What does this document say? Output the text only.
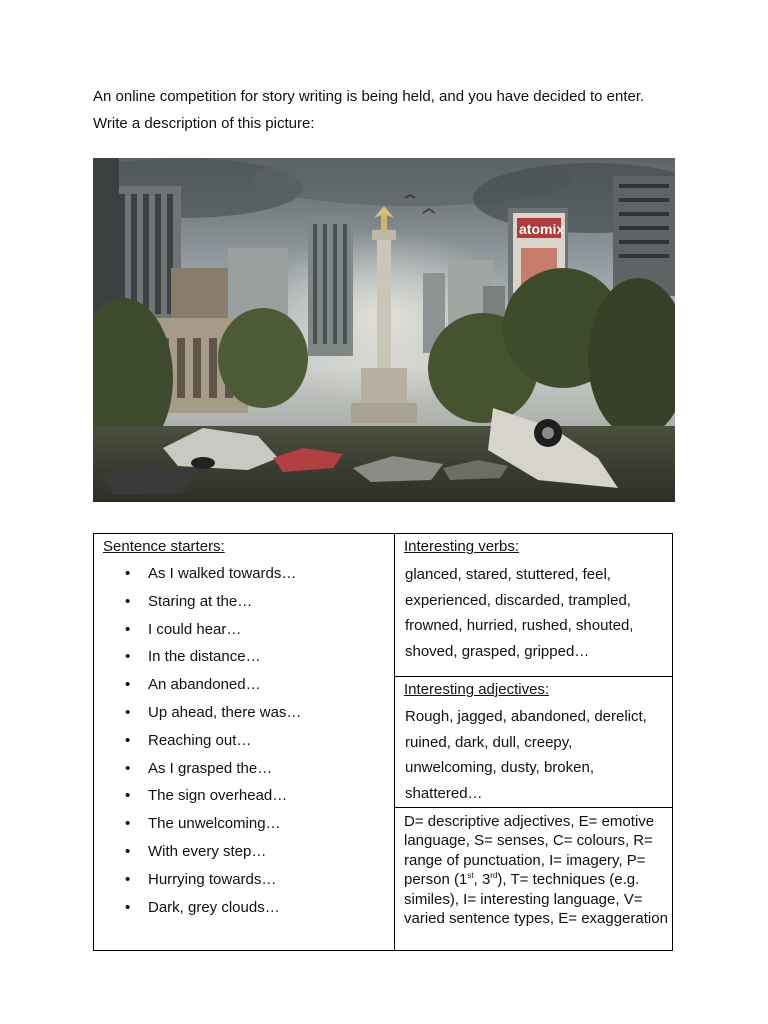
An online competition for story writing is being held, and you have decided to enter.
Write a description of this picture:
atomix
Sentence starters:
• As I walked towards…
• Staring at the…
• I could hear…
• In the distance…
• An abandoned…
• Up ahead, there was…
• Reaching out…
• As I grasped the…
• The sign overhead…
• The unwelcoming…
• With every step…
• Hurrying towards…
• Dark, grey clouds…
Interesting verbs:
glanced, stared, stuttered, feel, experienced, discarded, trampled, frowned, hurried, rushed, shouted, shoved, grasped, gripped…
Interesting adjectives:
Rough, jagged, abandoned, derelict, ruined, dark, dull, creepy, unwelcoming, dusty, broken, shattered…
D= descriptive adjectives, E= emotive language, S= senses, C= colours, R= range of punctuation, I= imagery, P= person (1st, 3rd), T= techniques (e.g. similes), I= interesting language, V= varied sentence types, E= exaggeration
